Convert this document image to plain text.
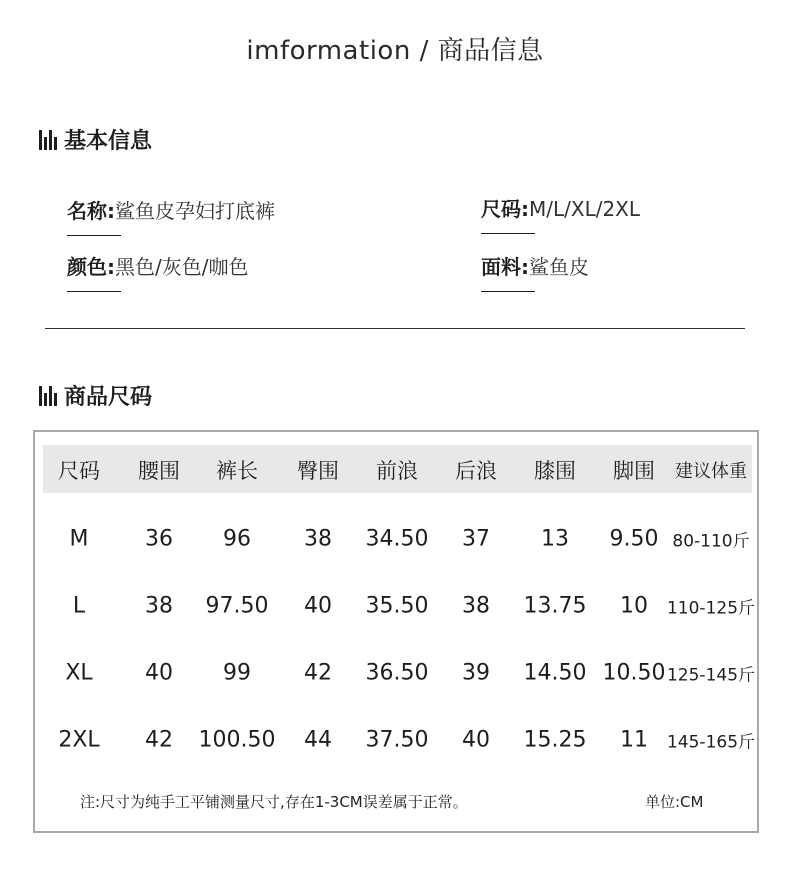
imformation / 商品信息
基本信息
名称: 鲨鱼皮孕妇打底裤	尺码: M/L/XL/2XL
颜色: 黑色/灰色/咖色	面料: 鲨鱼皮
商品尺码
尺码 腰围 裤长 臀围 前浪 后浪 膝围 脚围 建议体重
M	36 96 38 34.50 37 13 9.50 80-110斤
L	38 97.50 40 35.50 38 13.75 10 110-125斤
XL 40 99 42 36.50 39 14.50 10.50 125-145斤
2XL 42 100.50 44 37.50 40 15.25 11 145-165斤
注:尺寸为纯手工平铺测量尺寸,存在1-3CM误差属于正常。	单位:CM
